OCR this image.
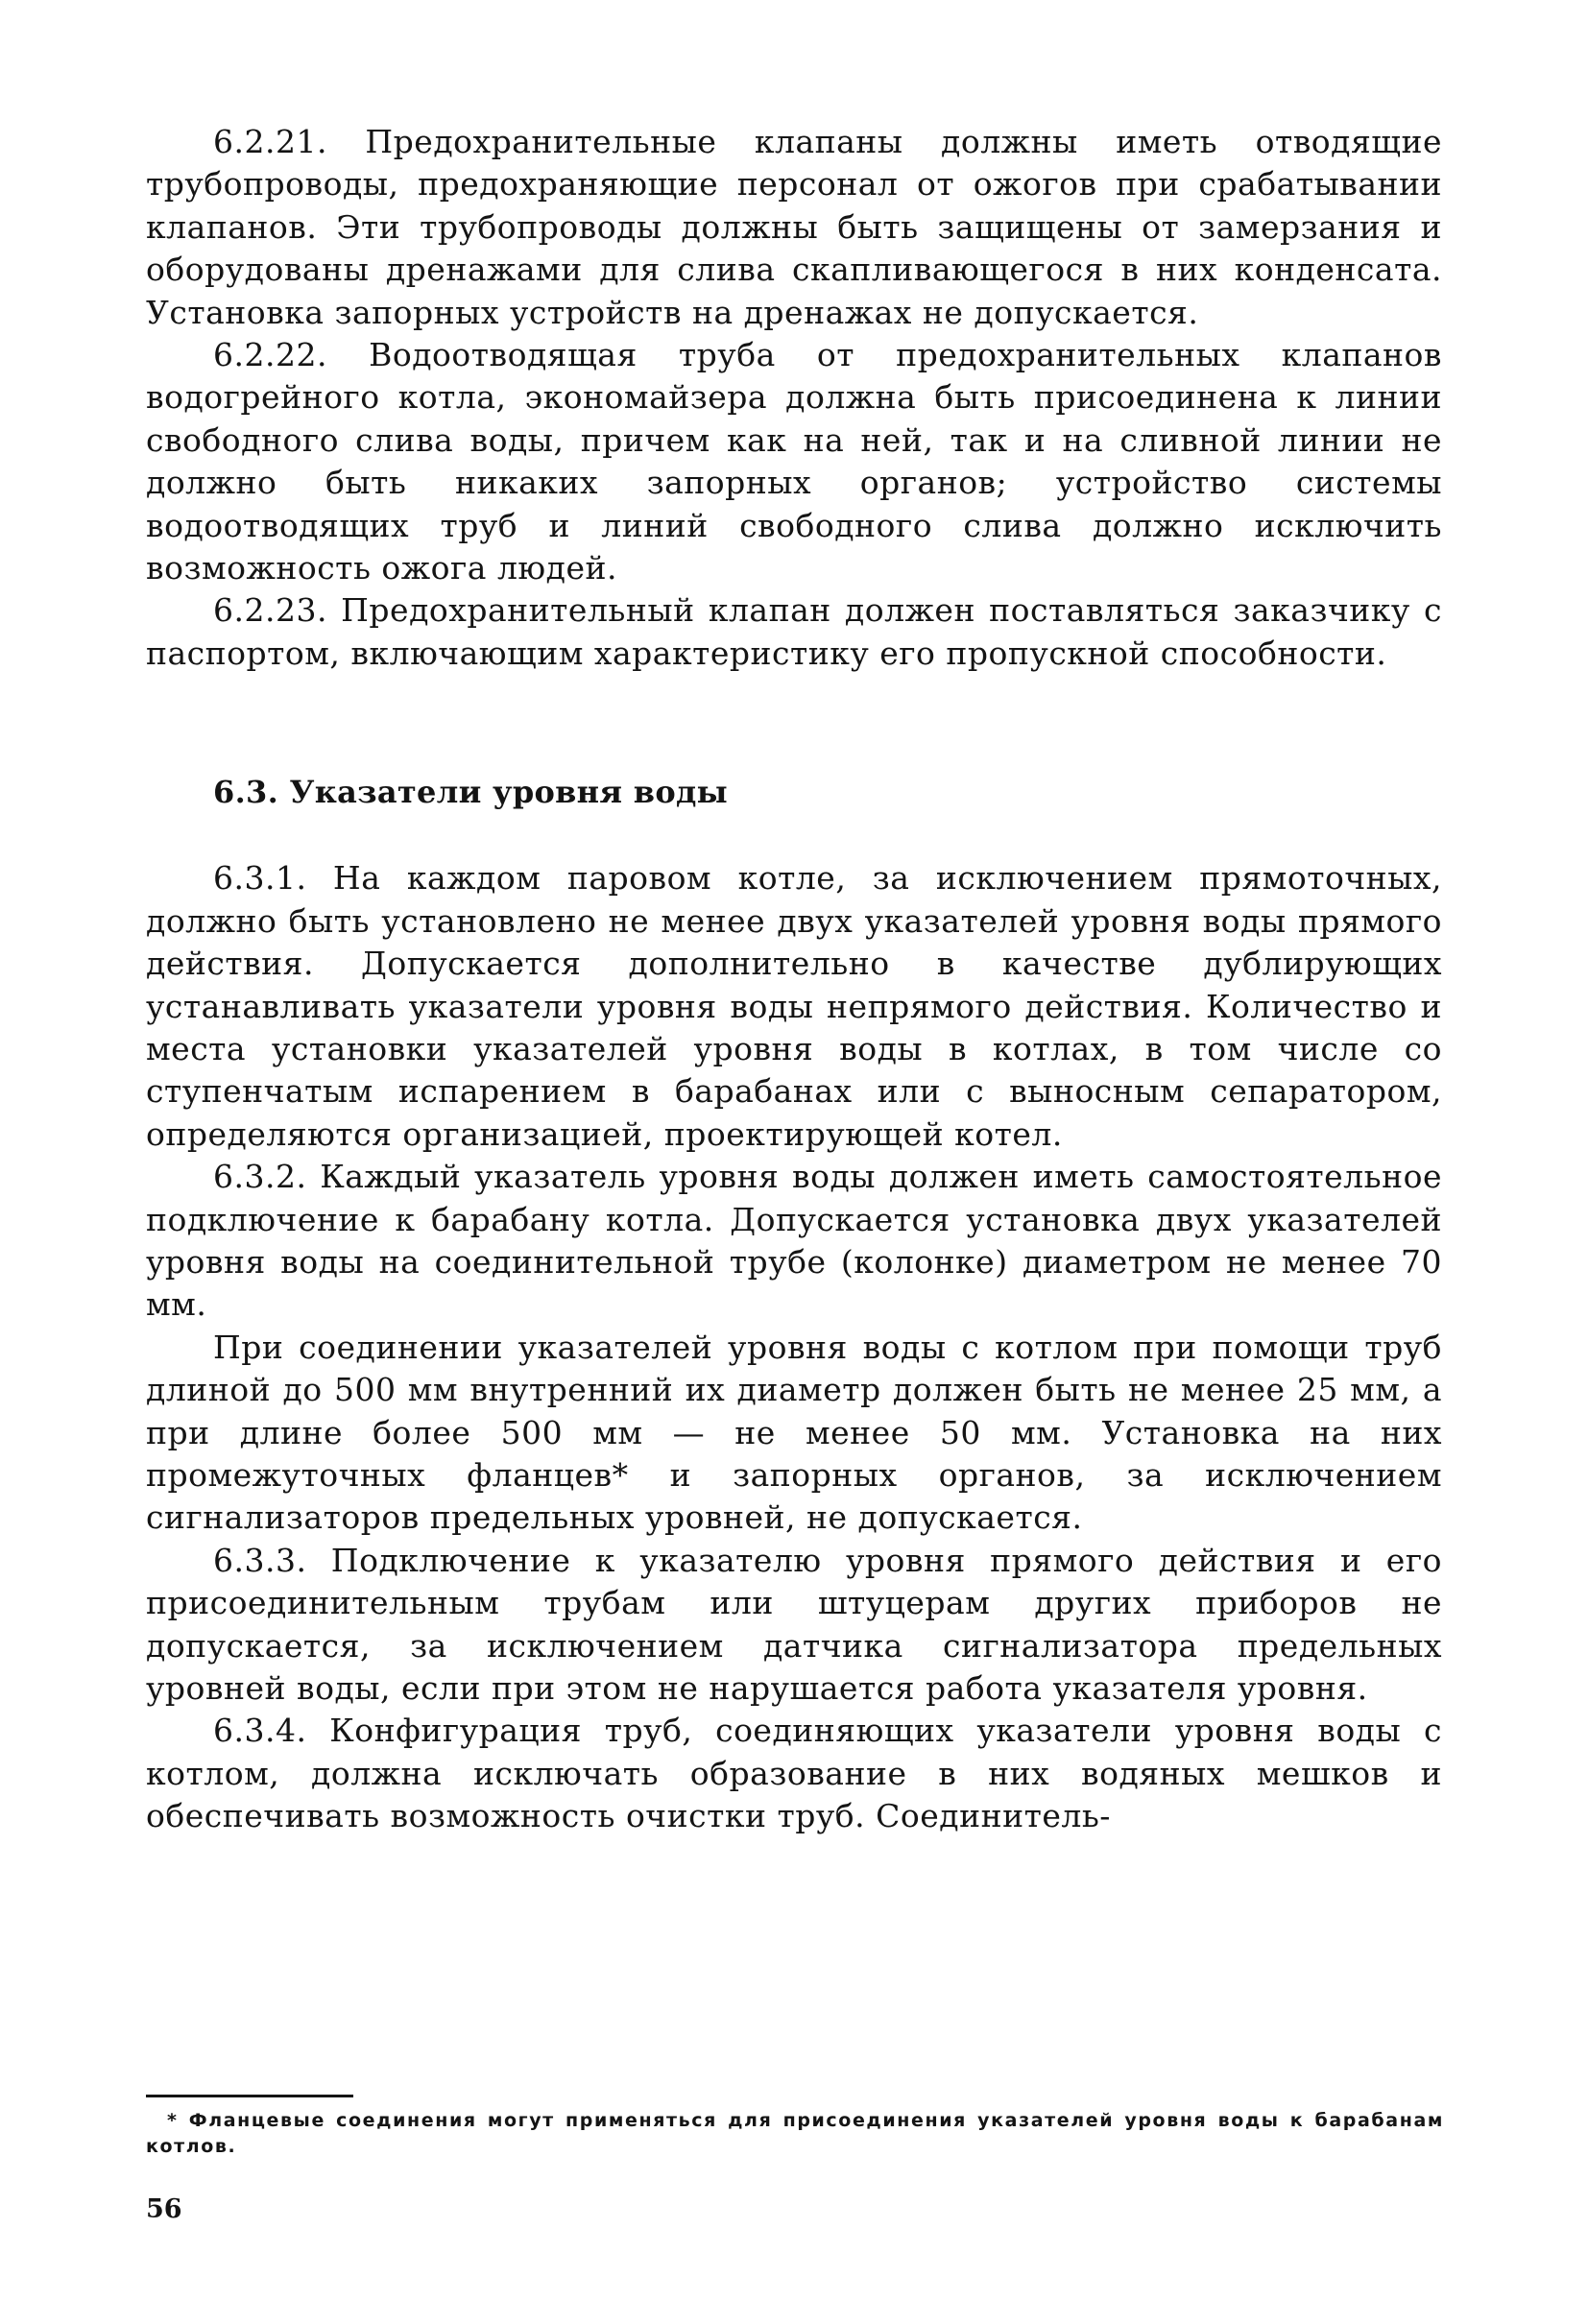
6.2.21. Предохранительные клапаны должны иметь отводящие трубопроводы, предохраняющие персонал от ожогов при срабатывании клапанов. Эти трубопроводы должны быть защищены от замерзания и оборудованы дренажами для слива скапливающегося в них конденсата. Установка запорных устройств на дренажах не допускается.

6.2.22. Водоотводящая труба от предохранительных клапанов водогрейного котла, экономайзера должна быть присоединена к линии свободного слива воды, причем как на ней, так и на сливной линии не должно быть никаких запорных органов; устройство системы водоотводящих труб и линий свободного слива должно исключить возможность ожога людей.

6.2.23. Предохранительный клапан должен поставляться заказчику с паспортом, включающим характеристику его пропускной способности.

6.3. Указатели уровня воды

6.3.1. На каждом паровом котле, за исключением прямоточных, должно быть установлено не менее двух указателей уровня воды прямого действия. Допускается дополнительно в качестве дублирующих устанавливать указатели уровня воды непрямого действия. Количество и места установки указателей уровня воды в котлах, в том числе со ступенчатым испарением в барабанах или с выносным сепаратором, определяются организацией, проектирующей котел.

6.3.2. Каждый указатель уровня воды должен иметь самостоятельное подключение к барабану котла. Допускается установка двух указателей уровня воды на соединительной трубе (колонке) диаметром не менее 70 мм.

При соединении указателей уровня воды с котлом при помощи труб длиной до 500 мм внутренний их диаметр должен быть не менее 25 мм, а при длине более 500 мм — не менее 50 мм. Установка на них промежуточных фланцев* и запорных органов, за исключением сигнализаторов предельных уровней, не допускается.

6.3.3. Подключение к указателю уровня прямого действия и его присоединительным трубам или штуцерам других приборов не допускается, за исключением датчика сигнализатора предельных уровней воды, если при этом не нарушается работа указателя уровня.

6.3.4. Конфигурация труб, соединяющих указатели уровня воды с котлом, должна исключать образование в них водяных мешков и обеспечивать возможность очистки труб. Соединитель-

* Фланцевые соединения могут применяться для присоединения указателей уровня воды к барабанам котлов.

56
